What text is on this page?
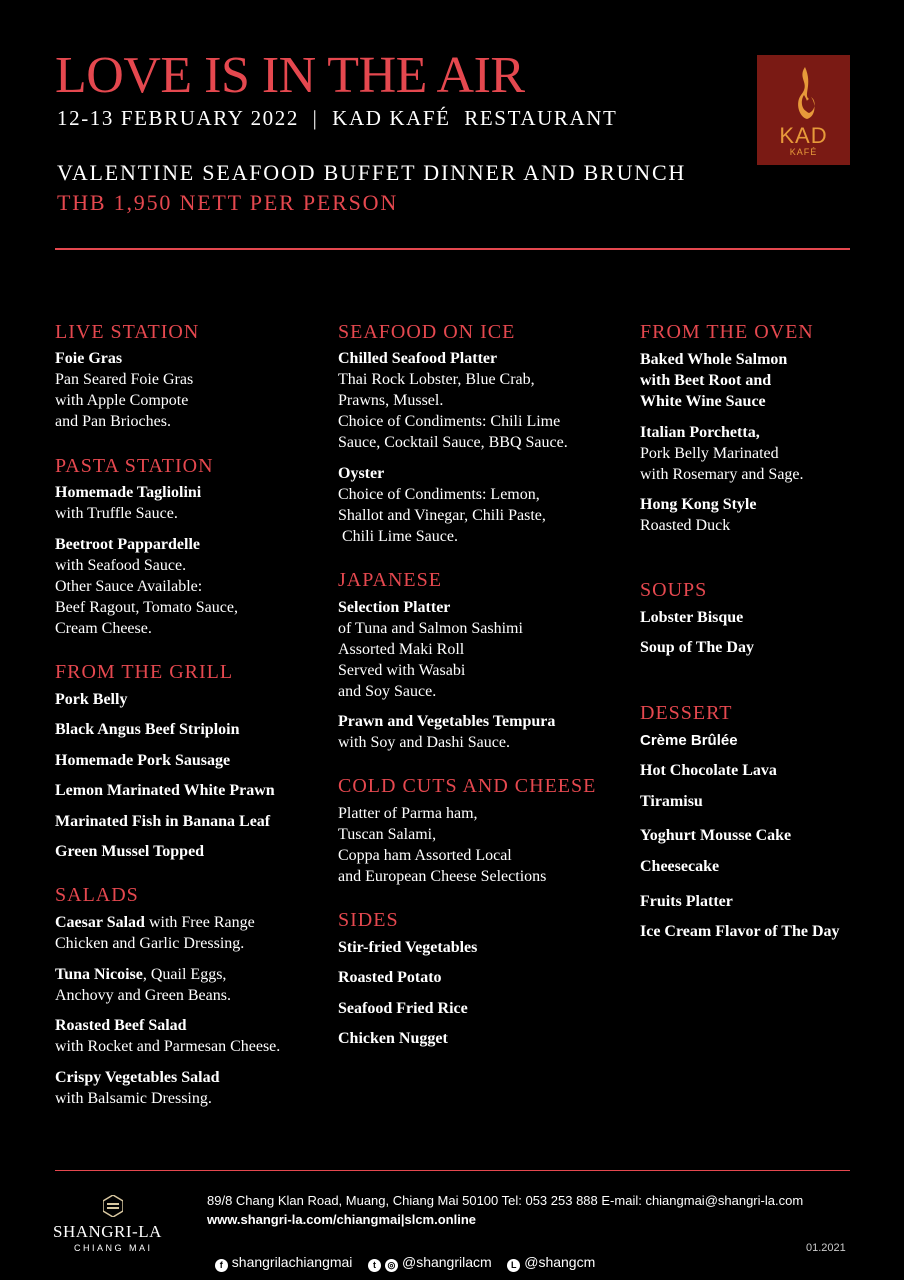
LOVE IS IN THE AIR
12-13 FEBRUARY 2022  |  KAD KAFÉ  RESTAURANT
VALENTINE SEAFOOD BUFFET DINNER AND BRUNCH
THB 1,950 NETT PER PERSON
KAD
KAFÉ
LIVE STATION
Foie Gras
Pan Seared Foie Gras
with Apple Compote
and Pan Brioches.
PASTA STATION
Homemade Tagliolini
with Truffle Sauce.
Beetroot Pappardelle
with Seafood Sauce.
Other Sauce Available:
Beef Ragout, Tomato Sauce,
Cream Cheese.
FROM THE GRILL
Pork Belly
Black Angus Beef Striploin
Homemade Pork Sausage
Lemon Marinated White Prawn
Marinated Fish in Banana Leaf
Green Mussel Topped
SALADS
Caesar Salad with Free Range
Chicken and Garlic Dressing.
Tuna Nicoise, Quail Eggs,
Anchovy and Green Beans.
Roasted Beef Salad
with Rocket and Parmesan Cheese.
Crispy Vegetables Salad
with Balsamic Dressing.
SEAFOOD ON ICE
Chilled Seafood Platter
Thai Rock Lobster, Blue Crab,
Prawns, Mussel.
Choice of Condiments: Chili Lime
Sauce, Cocktail Sauce, BBQ Sauce.
Oyster
Choice of Condiments: Lemon,
Shallot and Vinegar, Chili Paste,
Chili Lime Sauce.
JAPANESE
Selection Platter
of Tuna and Salmon Sashimi
Assorted Maki Roll
Served with Wasabi
and Soy Sauce.
Prawn and Vegetables Tempura
with Soy and Dashi Sauce.
COLD CUTS AND CHEESE
Platter of Parma ham,
Tuscan Salami,
Coppa ham Assorted Local
and European Cheese Selections
SIDES
Stir-fried Vegetables
Roasted Potato
Seafood Fried Rice
Chicken Nugget
FROM THE OVEN
Baked Whole Salmon
with Beet Root and
White Wine Sauce
Italian Porchetta,
Pork Belly Marinated
with Rosemary and Sage.
Hong Kong Style
Roasted Duck
SOUPS
Lobster Bisque
Soup of The Day
DESSERT
Crème Brûlée
Hot Chocolate Lava
Tiramisu
Yoghurt Mousse Cake
Cheesecake
Fruits Platter
Ice Cream Flavor of The Day
SHANGRI-LA
CHIANG MAI
89/8 Chang Klan Road, Muang, Chiang Mai 50100 Tel: 053 253 888 E-mail: chiangmai@shangri-la.com
www.shangri-la.com/chiangmai|slcm.online

f shangrilachiangmai t ◎ @shangrilacm L @shangcm

01.2021
